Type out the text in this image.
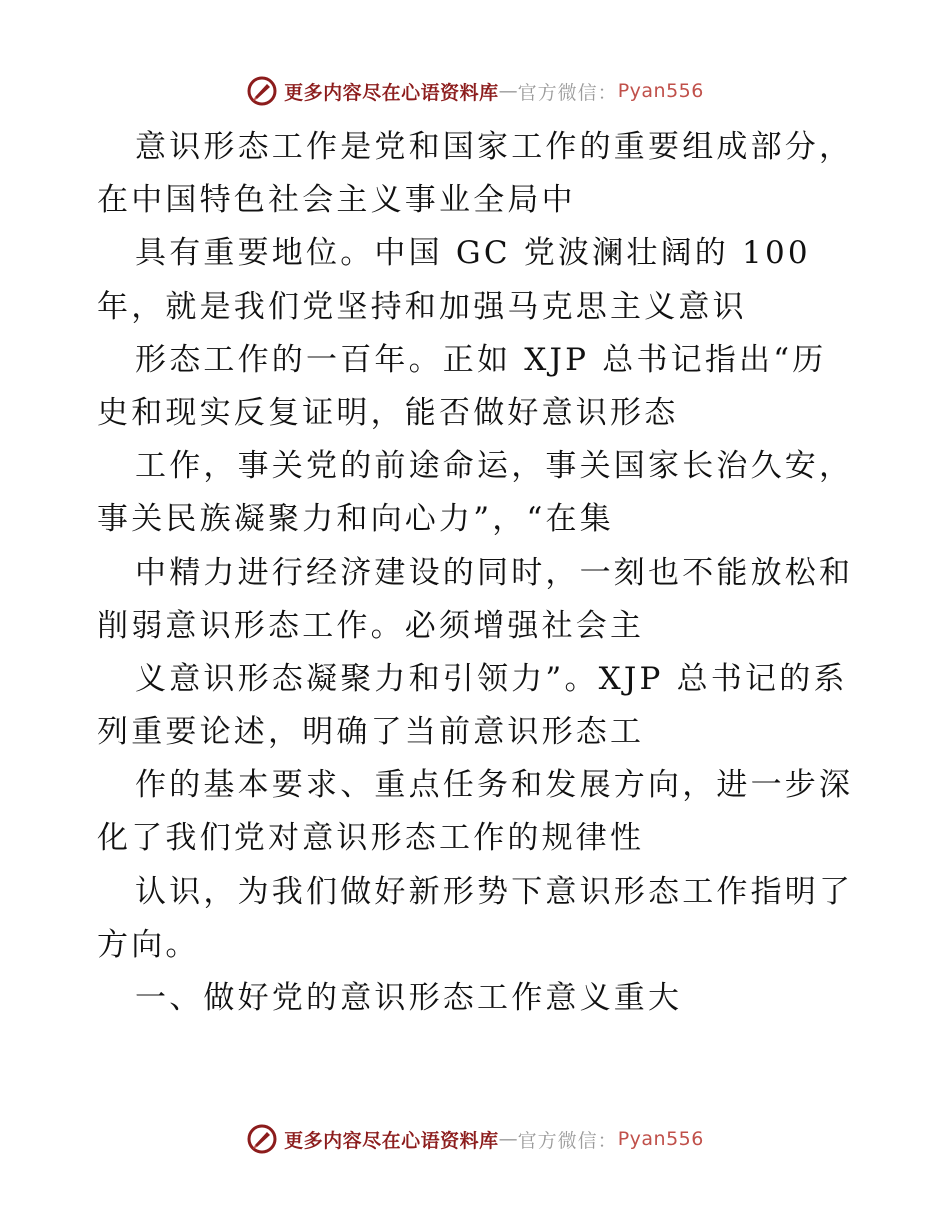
更多内容尽在心语资料库 — 官方微信： Pyan556
意识形态工作是党和国家工作的重要组成部分，
在中国特色社会主义事业全局中
具有重要地位。中国 GC 党波澜壮阔的 100
年，就是我们党坚持和加强马克思主义意识
形态工作的一百年。正如 XJP 总书记指出“历
史和现实反复证明，能否做好意识形态
工作，事关党的前途命运，事关国家长治久安，
事关民族凝聚力和向心力”，“在集
中精力进行经济建设的同时，一刻也不能放松和
削弱意识形态工作。必须增强社会主
义意识形态凝聚力和引领力”。XJP 总书记的系
列重要论述，明确了当前意识形态工
作的基本要求、重点任务和发展方向，进一步深
化了我们党对意识形态工作的规律性
认识，为我们做好新形势下意识形态工作指明了
方向。
一、做好党的意识形态工作意义重大
更多内容尽在心语资料库 — 官方微信： Pyan556
